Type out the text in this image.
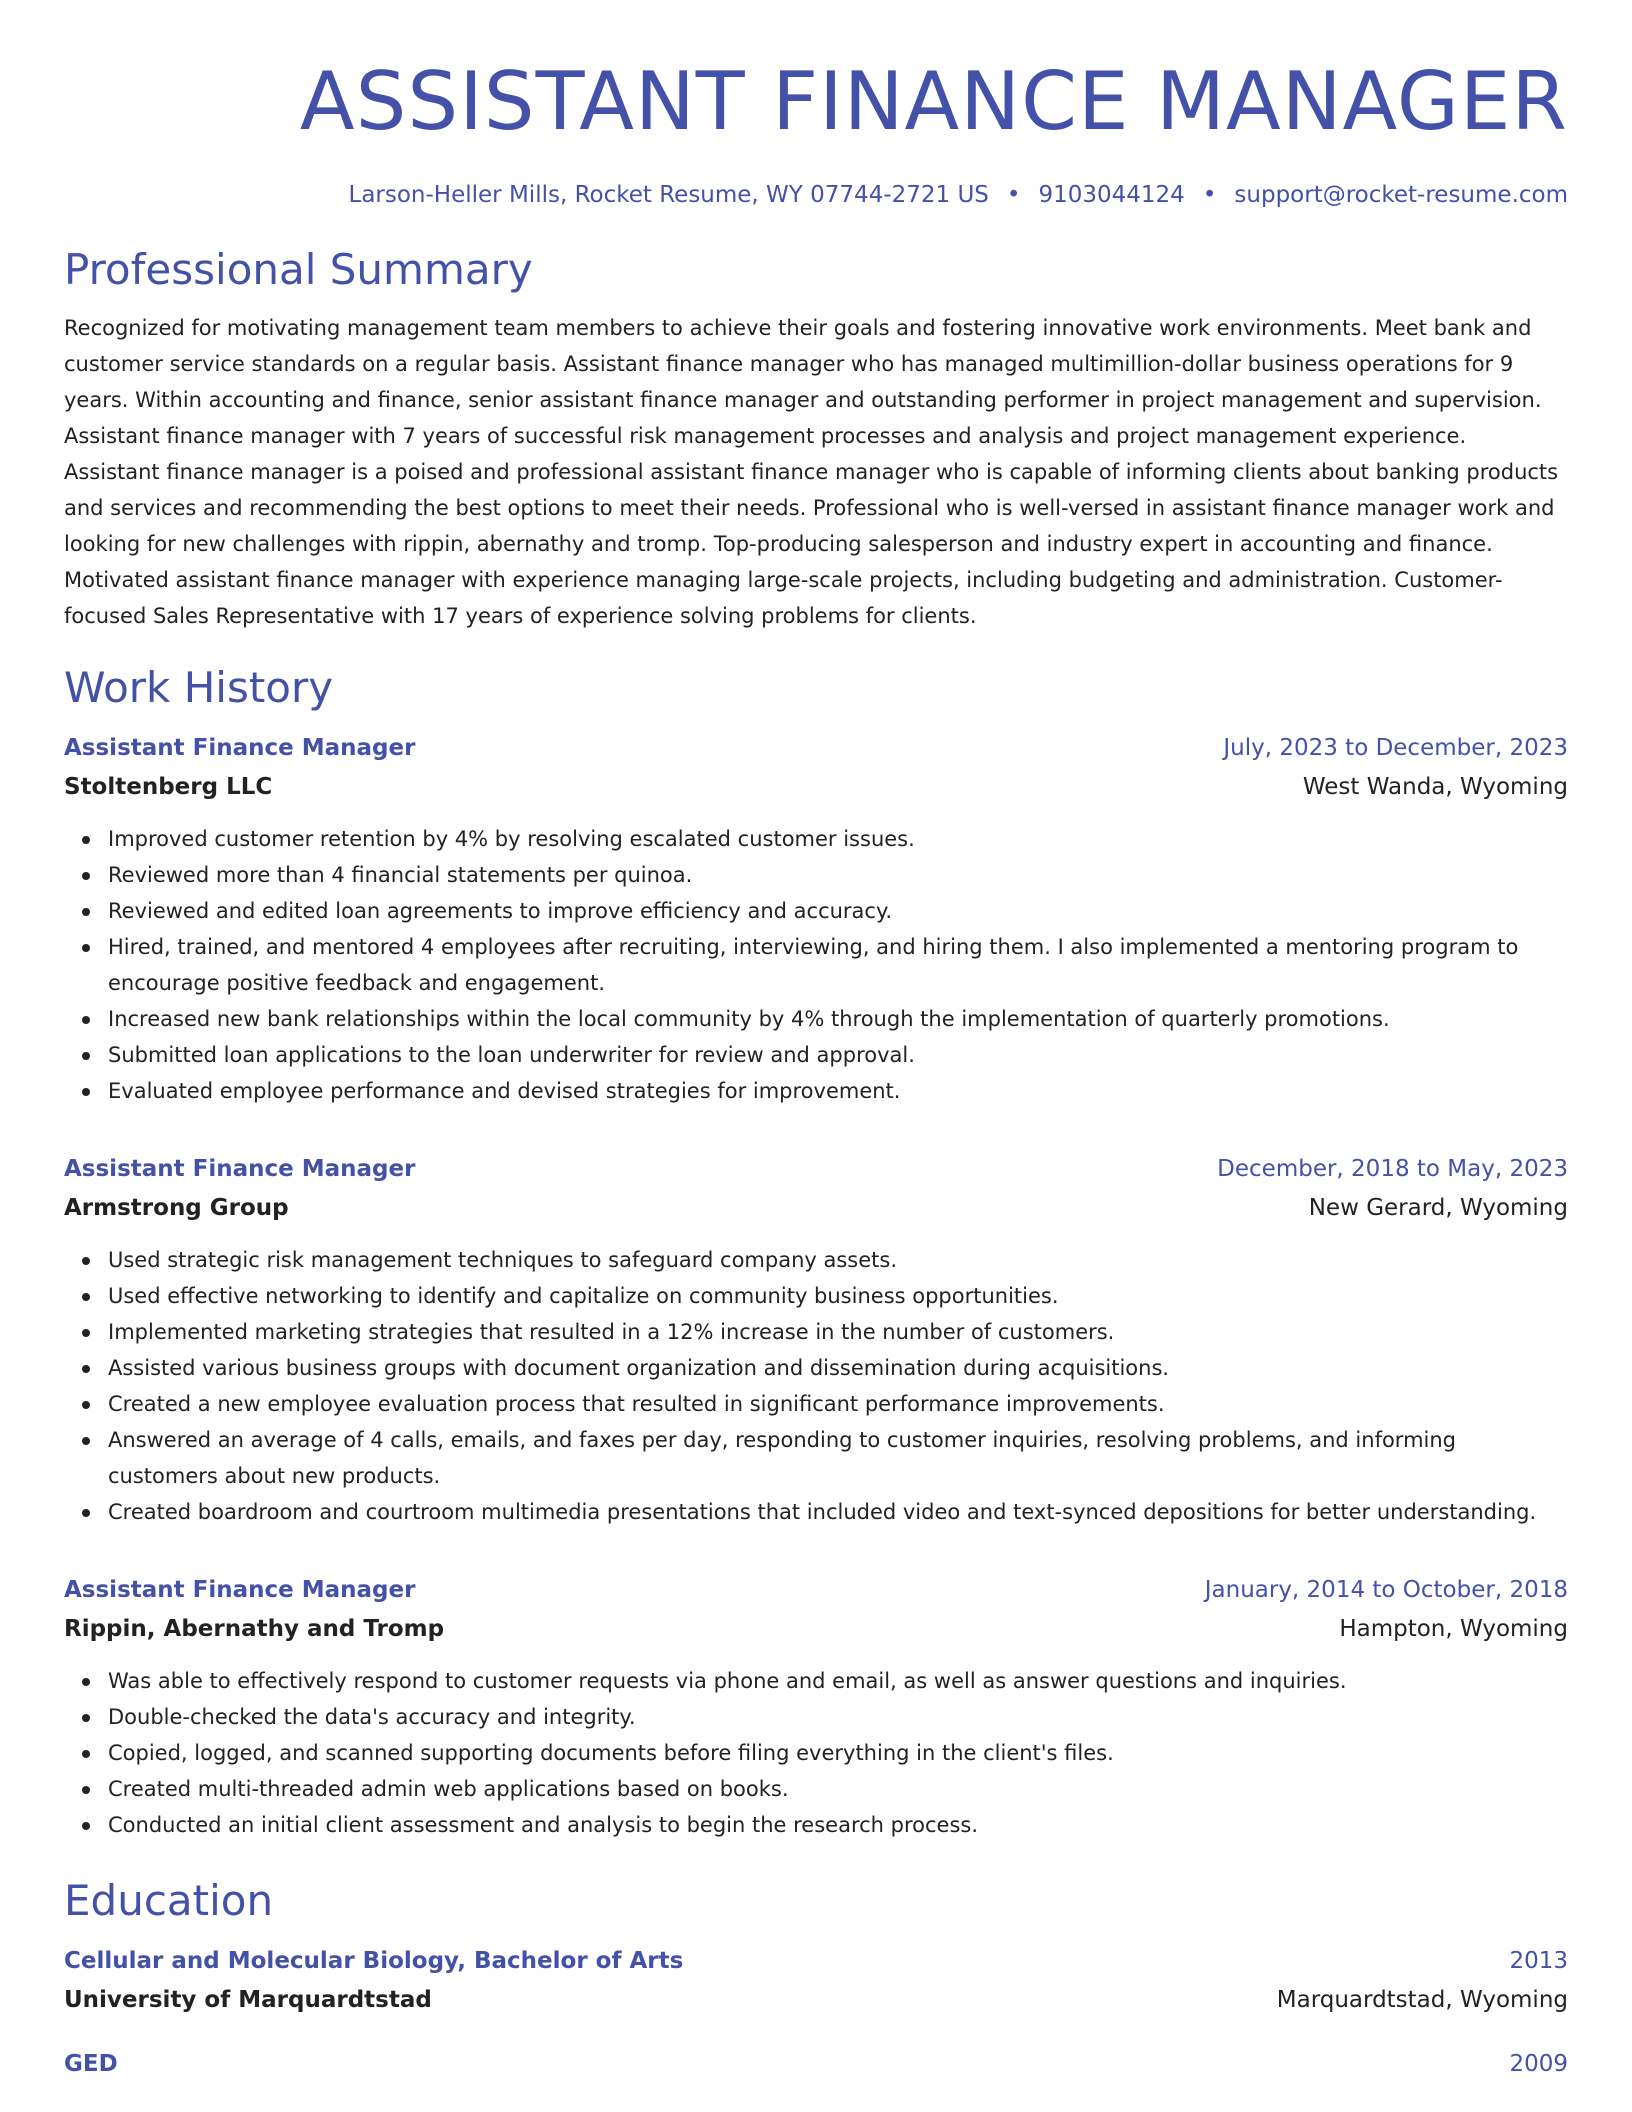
ASSISTANT FINANCE MANAGER
Larson-Heller Mills, Rocket Resume, WY 07744-2721 US • 9103044124 • support@rocket-resume.com
Professional Summary
Recognized for motivating management team members to achieve their goals and fostering innovative work environments. Meet bank and customer service standards on a regular basis. Assistant finance manager who has managed multimillion-dollar business operations for 9 years. Within accounting and finance, senior assistant finance manager and outstanding performer in project management and supervision. Assistant finance manager with 7 years of successful risk management processes and analysis and project management experience. Assistant finance manager is a poised and professional assistant finance manager who is capable of informing clients about banking products and services and recommending the best options to meet their needs. Professional who is well-versed in assistant finance manager work and looking for new challenges with rippin, abernathy and tromp. Top-producing salesperson and industry expert in accounting and finance. Motivated assistant finance manager with experience managing large-scale projects, including budgeting and administration. Customer-focused Sales Representative with 17 years of experience solving problems for clients.
Work History
Assistant Finance Manager	July, 2023 to December, 2023
Stoltenberg LLC	West Wanda, Wyoming
Improved customer retention by 4% by resolving escalated customer issues.
Reviewed more than 4 financial statements per quinoa.
Reviewed and edited loan agreements to improve efficiency and accuracy.
Hired, trained, and mentored 4 employees after recruiting, interviewing, and hiring them. I also implemented a mentoring program to encourage positive feedback and engagement.
Increased new bank relationships within the local community by 4% through the implementation of quarterly promotions.
Submitted loan applications to the loan underwriter for review and approval.
Evaluated employee performance and devised strategies for improvement.
Assistant Finance Manager	December, 2018 to May, 2023
Armstrong Group	New Gerard, Wyoming
Used strategic risk management techniques to safeguard company assets.
Used effective networking to identify and capitalize on community business opportunities.
Implemented marketing strategies that resulted in a 12% increase in the number of customers.
Assisted various business groups with document organization and dissemination during acquisitions.
Created a new employee evaluation process that resulted in significant performance improvements.
Answered an average of 4 calls, emails, and faxes per day, responding to customer inquiries, resolving problems, and informing customers about new products.
Created boardroom and courtroom multimedia presentations that included video and text-synced depositions for better understanding.
Assistant Finance Manager	January, 2014 to October, 2018
Rippin, Abernathy and Tromp	Hampton, Wyoming
Was able to effectively respond to customer requests via phone and email, as well as answer questions and inquiries.
Double-checked the data's accuracy and integrity.
Copied, logged, and scanned supporting documents before filing everything in the client's files.
Created multi-threaded admin web applications based on books.
Conducted an initial client assessment and analysis to begin the research process.
Education
Cellular and Molecular Biology, Bachelor of Arts	2013
University of Marquardtstad	Marquardtstad, Wyoming
GED	2009
